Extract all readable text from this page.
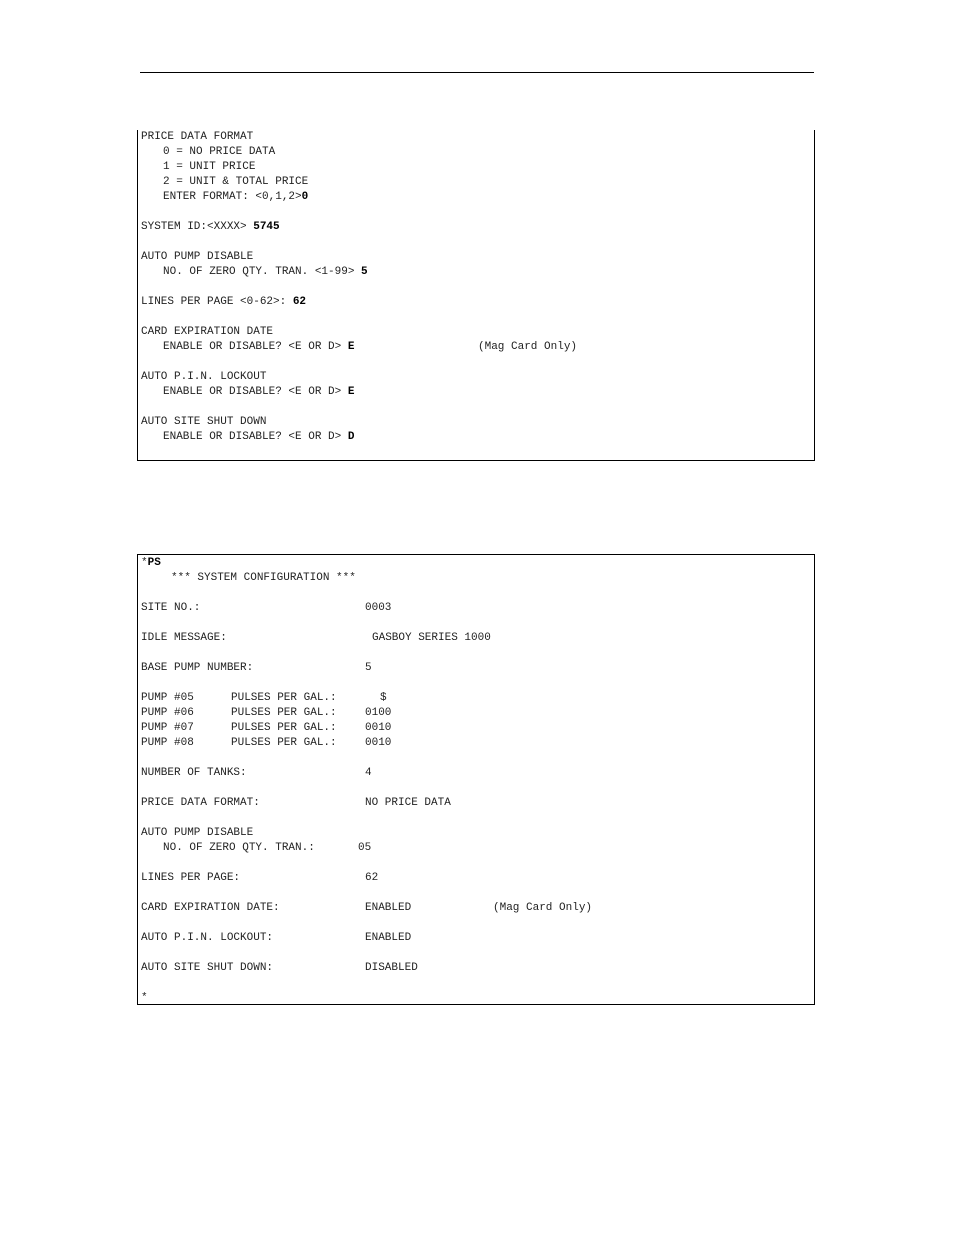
PRICE DATA FORMAT
0 = NO PRICE DATA
1 = UNIT PRICE
2 = UNIT & TOTAL PRICE
ENTER FORMAT: <0,1,2>0
SYSTEM ID:<XXXX> 5745
AUTO PUMP DISABLE
NO. OF ZERO QTY. TRAN. <1-99> 5
LINES PER PAGE <0-62>: 62
CARD EXPIRATION DATE
ENABLE OR DISABLE? <E OR D> E	(Mag Card Only)
AUTO P.I.N. LOCKOUT
ENABLE OR DISABLE? <E OR D> E
AUTO SITE SHUT DOWN
ENABLE OR DISABLE? <E OR D> D
*PS
*** SYSTEM CONFIGURATION ***
SITE NO.:	0003
IDLE MESSAGE:	GASBOY SERIES 1000
BASE PUMP NUMBER:	5
PUMP #05	PULSES PER GAL.:	$
PUMP #06	PULSES PER GAL.:	0100
PUMP #07	PULSES PER GAL.:	0010
PUMP #08	PULSES PER GAL.:	0010
NUMBER OF TANKS:	4
PRICE DATA FORMAT:	NO PRICE DATA
AUTO PUMP DISABLE
NO. OF ZERO QTY. TRAN.:	05
LINES PER PAGE:	62
CARD EXPIRATION DATE:	ENABLED	(Mag Card Only)
AUTO P.I.N. LOCKOUT:	ENABLED
AUTO SITE SHUT DOWN:	DISABLED
*
